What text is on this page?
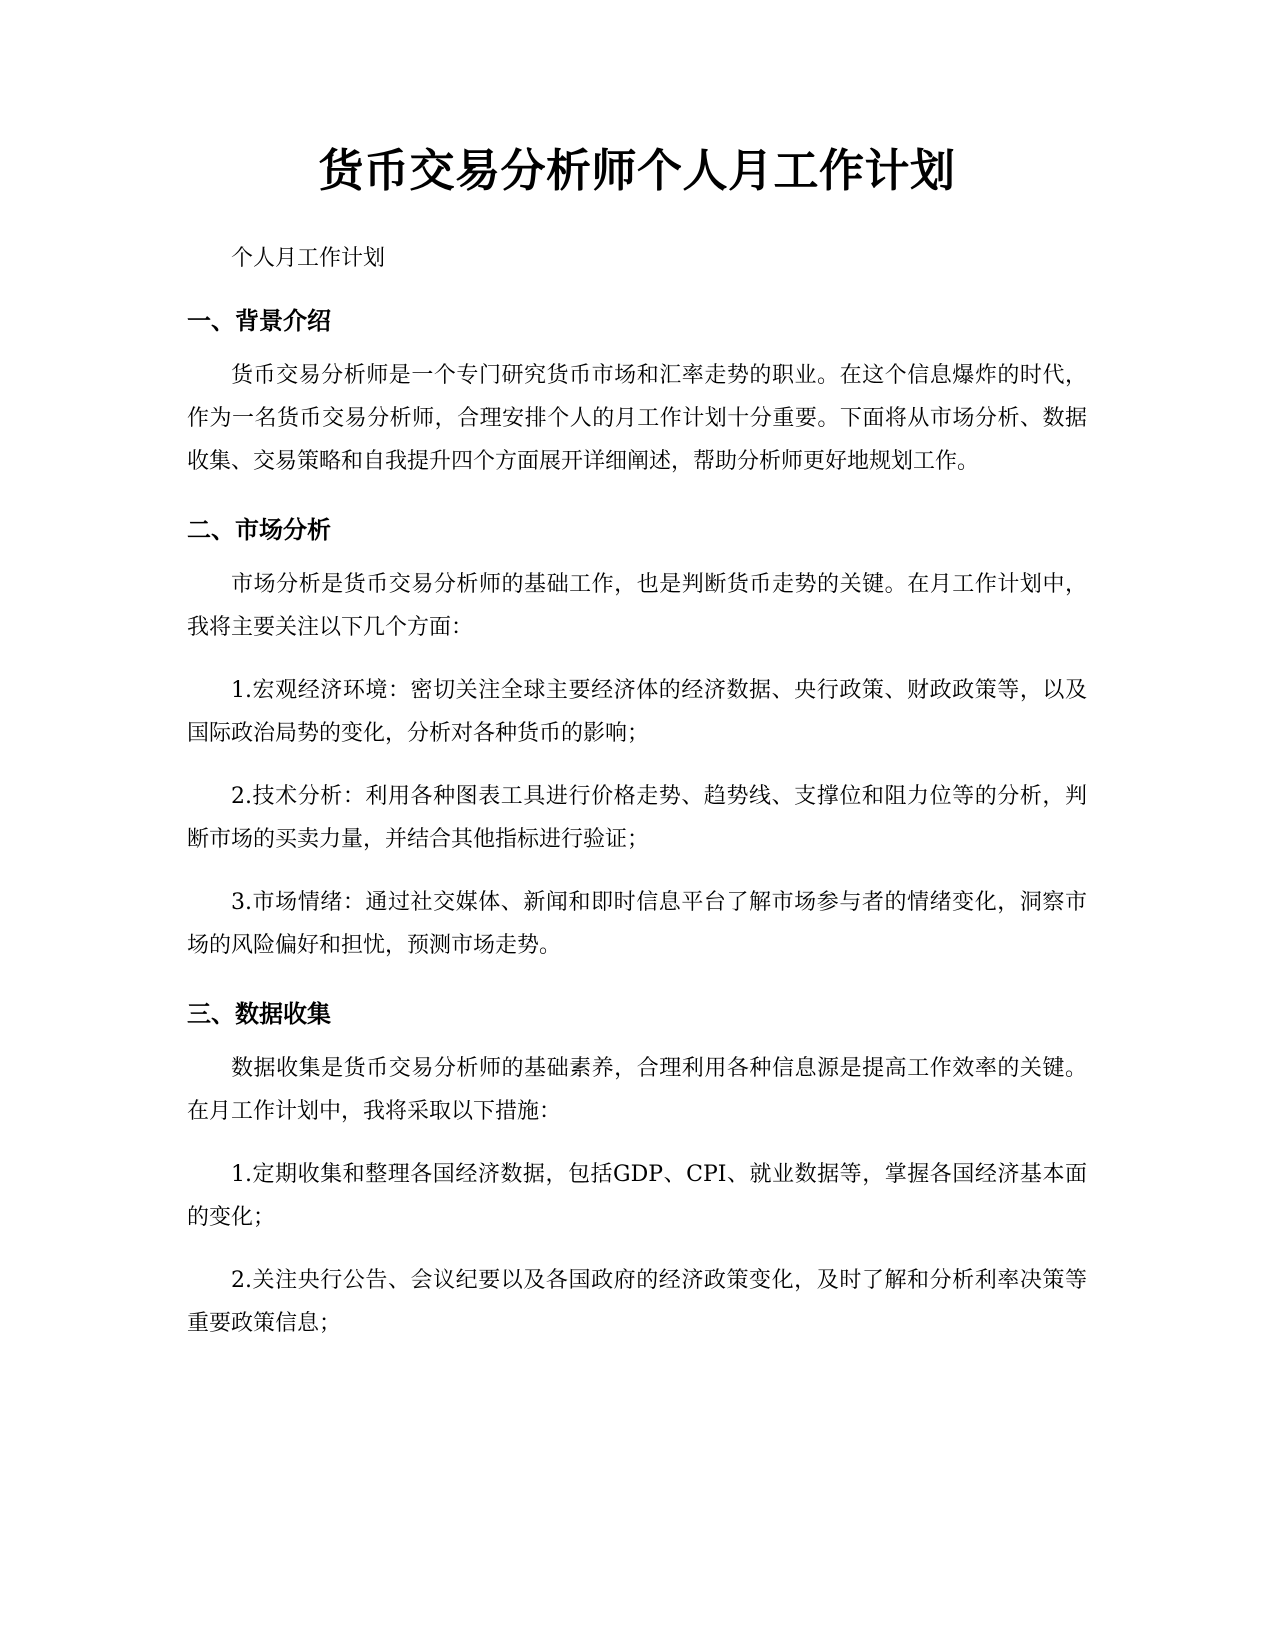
货币交易分析师个人月工作计划

个人月工作计划

一、背景介绍

货币交易分析师是一个专门研究货币市场和汇率走势的职业。在这个信息爆炸的时代，作为一名货币交易分析师，合理安排个人的月工作计划十分重要。下面将从市场分析、数据收集、交易策略和自我提升四个方面展开详细阐述，帮助分析师更好地规划工作。

二、市场分析

市场分析是货币交易分析师的基础工作，也是判断货币走势的关键。在月工作计划中，我将主要关注以下几个方面：

1.宏观经济环境：密切关注全球主要经济体的经济数据、央行政策、财政政策等，以及国际政治局势的变化，分析对各种货币的影响；

2.技术分析：利用各种图表工具进行价格走势、趋势线、支撑位和阻力位等的分析，判断市场的买卖力量，并结合其他指标进行验证；

3.市场情绪：通过社交媒体、新闻和即时信息平台了解市场参与者的情绪变化，洞察市场的风险偏好和担忧，预测市场走势。

三、数据收集

数据收集是货币交易分析师的基础素养，合理利用各种信息源是提高工作效率的关键。在月工作计划中，我将采取以下措施：

1.定期收集和整理各国经济数据，包括GDP、CPI、就业数据等，掌握各国经济基本面的变化；

2.关注央行公告、会议纪要以及各国政府的经济政策变化，及时了解和分析利率决策等重要政策信息；
